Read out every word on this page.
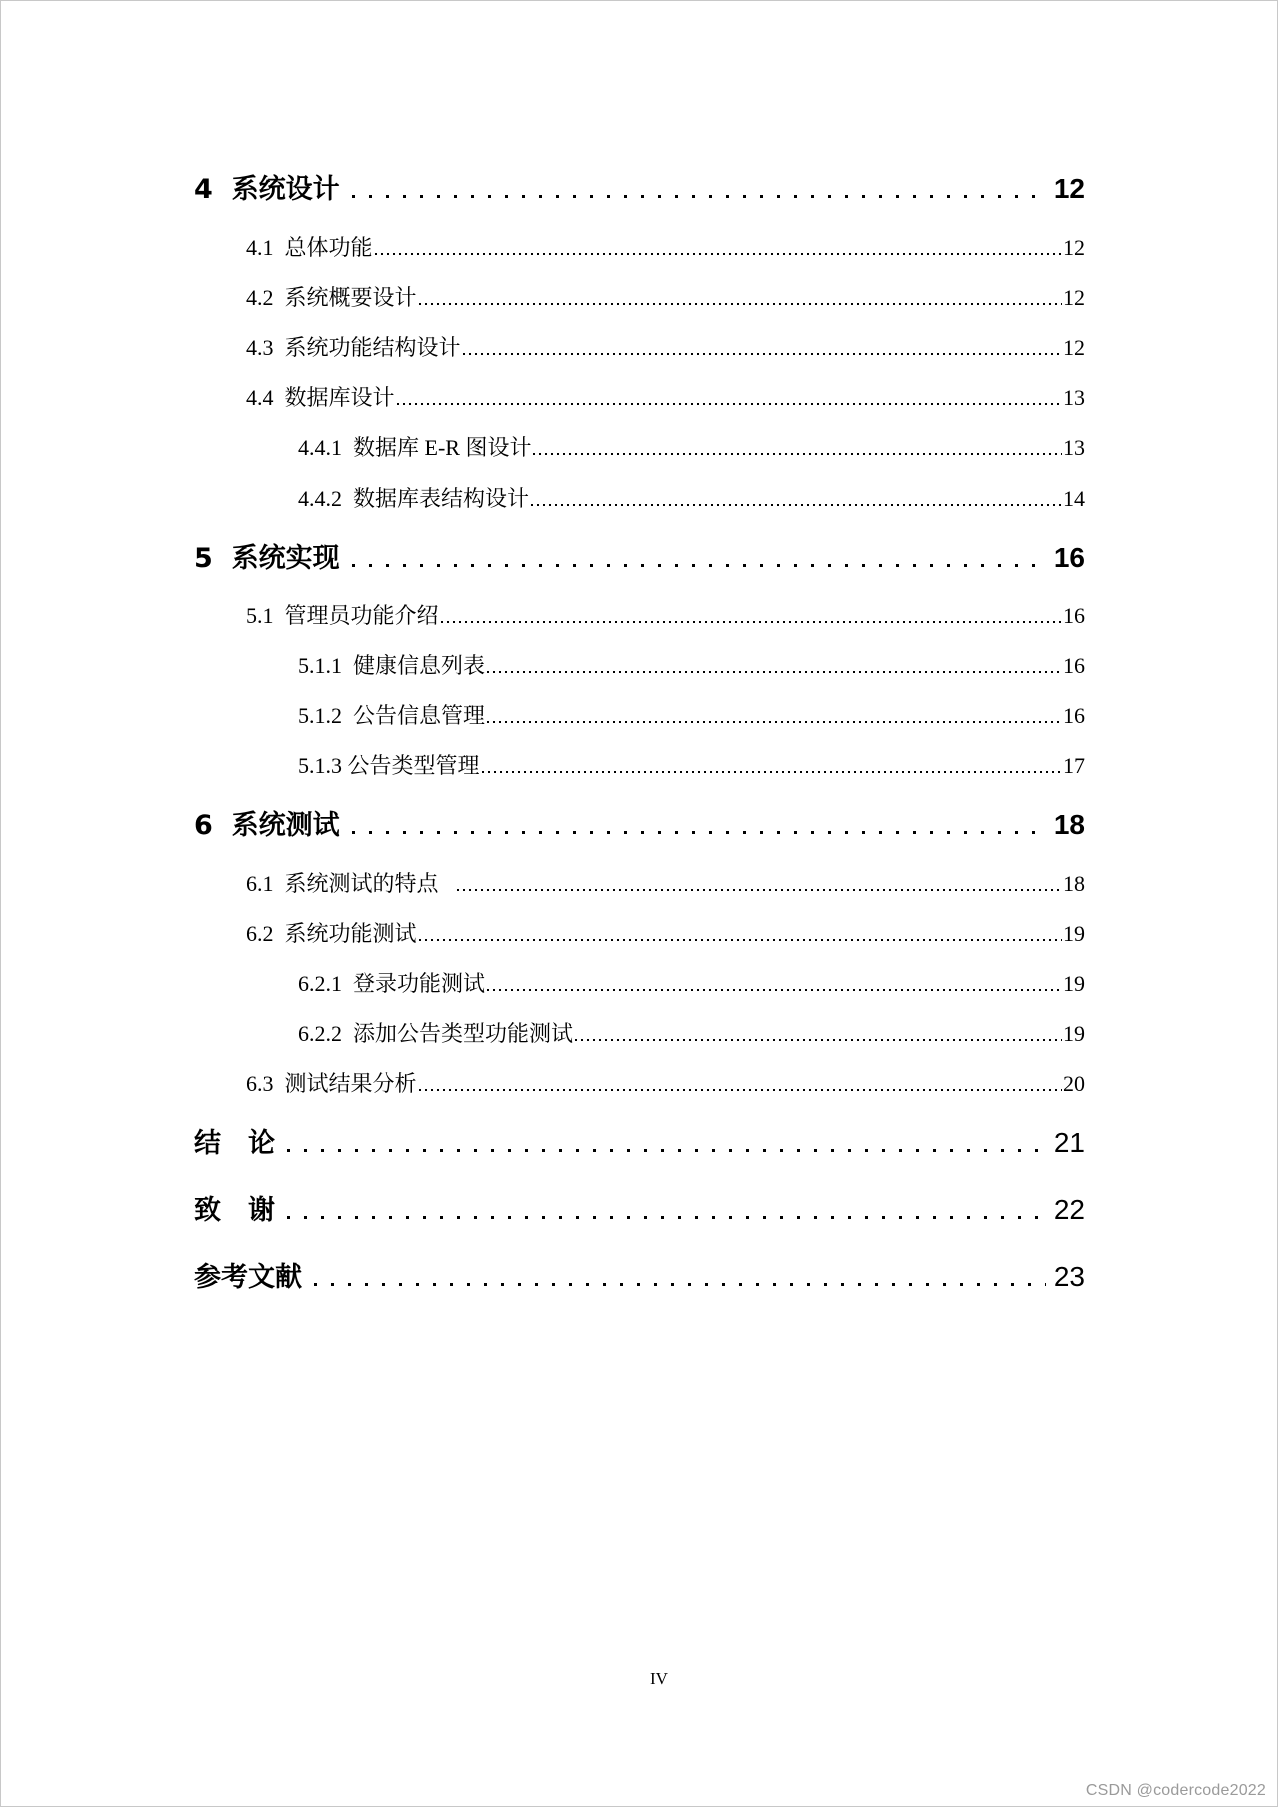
4  系统设计	12
4.1  总体功能	12
4.2  系统概要设计	12
4.3  系统功能结构设计	12
4.4  数据库设计	13
4.4.1  数据库 E-R 图设计	13
4.4.2  数据库表结构设计	14
5  系统实现	16
5.1  管理员功能介绍	16
5.1.1  健康信息列表	16
5.1.2  公告信息管理	16
5.1.3 公告类型管理	17
6  系统测试	18
6.1  系统测试的特点	18
6.2  系统功能测试	19
6.2.1  登录功能测试	19
6.2.2  添加公告类型功能测试	19
6.3  测试结果分析	20
结　论	21
致　谢	22
参考文献	23
IV
CSDN @codercode2022
